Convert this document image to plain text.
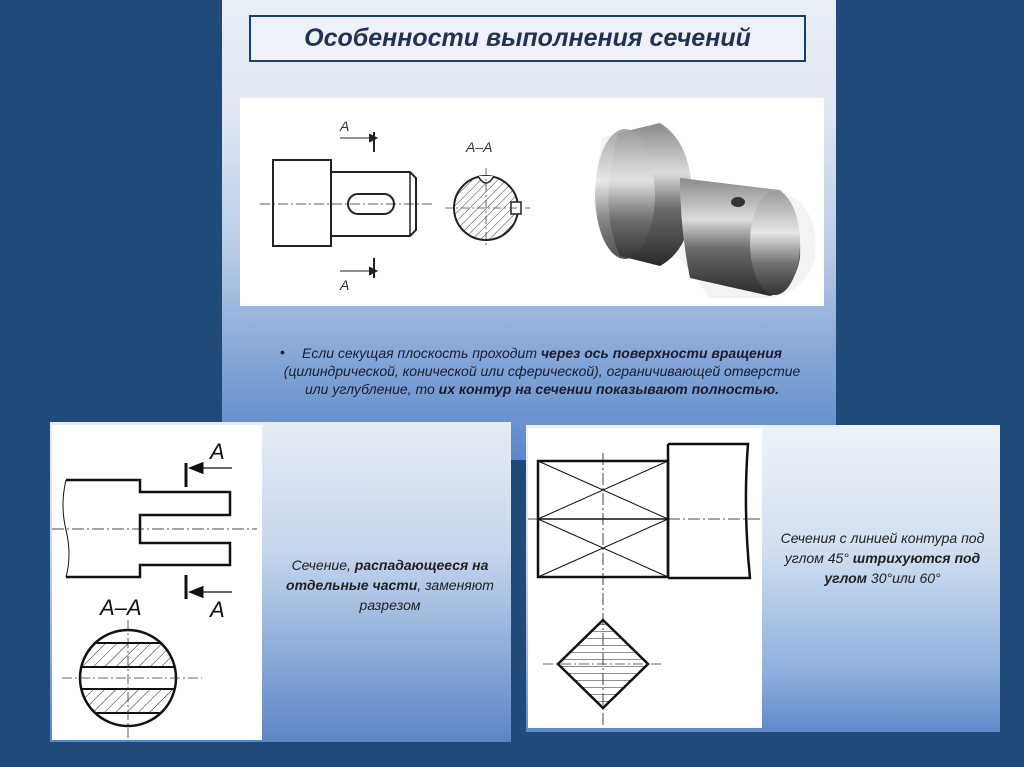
Особенности выполнения сечений
A
A
A–A
•	Если секущая плоскость проходит через ось поверхности вращения (цилиндрической, конической или сферической), ограничивающей отверстие или углубление, то их контур на сечении показывают полностью.
A
A
А–А
Сечение, распадающееся на отдельные части, заменяют разрезом
Сечения с линией контура под углом 45° штрихуются под углом 30°или 60°
